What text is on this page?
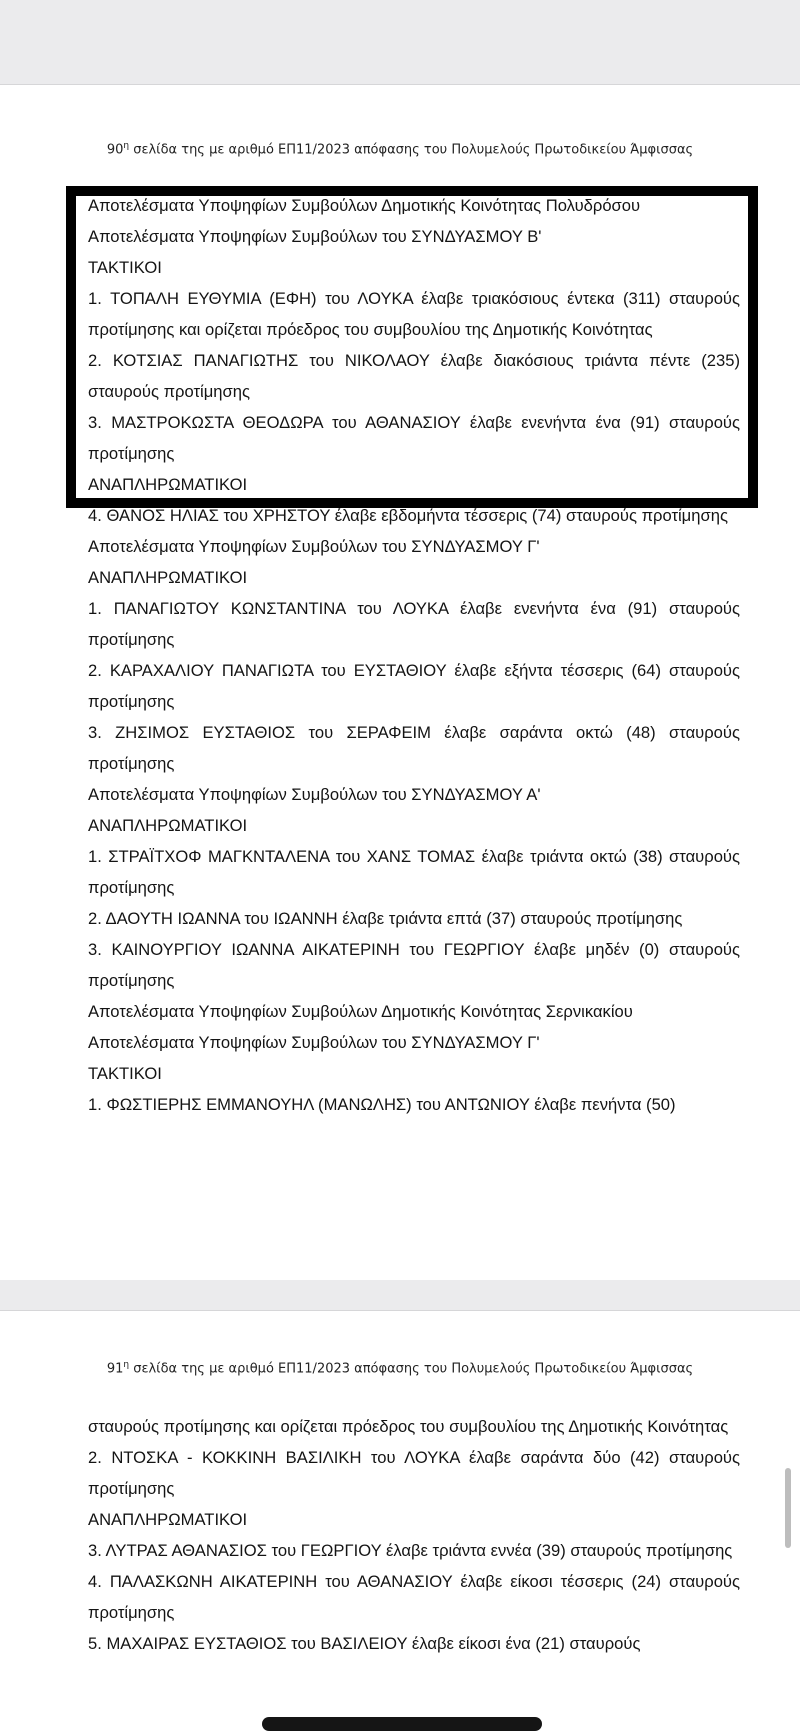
$90^\eta$ σελίδα της με αριθμό ΕΠ11/2023 απόφασης του Πολυμελούς Πρωτοδικείου Άμφισσας

Αποτελέσματα Υποψηφίων Συμβούλων Δημοτικής Κοινότητας Πολυδρόσου

Αποτελέσματα Υποψηφίων Συμβούλων του ΣΥΝΔΥΑΣΜΟΥ Β'

ΤΑΚΤΙΚΟΙ

1. ΤΟΠΑΛΗ ΕΥΘΥΜΙΑ (ΕΦΗ) του ΛΟΥΚΑ έλαβε τριακόσιους έντεκα (311) σταυρούς προτίμησης και ορίζεται πρόεδρος του συμβουλίου της Δημοτικής Κοινότητας

2. ΚΟΤΣΙΑΣ ΠΑΝΑΓΙΩΤΗΣ του ΝΙΚΟΛΑΟΥ έλαβε διακόσιους τριάντα πέντε (235) σταυρούς προτίμησης

3. ΜΑΣΤΡΟΚΩΣΤΑ ΘΕΟΔΩΡΑ του ΑΘΑΝΑΣΙΟΥ έλαβε ενενήντα ένα (91) σταυρούς προτίμησης

ΑΝΑΠΛΗΡΩΜΑΤΙΚΟΙ

4. ΘΑΝΟΣ ΗΛΙΑΣ του ΧΡΗΣΤΟΥ έλαβε εβδομήντα τέσσερις (74) σταυρούς προτίμησης

Αποτελέσματα Υποψηφίων Συμβούλων του ΣΥΝΔΥΑΣΜΟΥ Γ'

ΑΝΑΠΛΗΡΩΜΑΤΙΚΟΙ

1. ΠΑΝΑΓΙΩΤΟΥ ΚΩΝΣΤΑΝΤΙΝΑ του ΛΟΥΚΑ έλαβε ενενήντα ένα (91) σταυρούς προτίμησης

2. ΚΑΡΑΧΑΛΙΟΥ ΠΑΝΑΓΙΩΤΑ του ΕΥΣΤΑΘΙΟΥ έλαβε εξήντα τέσσερις (64) σταυρούς προτίμησης

3. ΖΗΣΙΜΟΣ ΕΥΣΤΑΘΙΟΣ του ΣΕΡΑΦΕΙΜ έλαβε σαράντα οκτώ (48) σταυρούς προτίμησης

Αποτελέσματα Υποψηφίων Συμβούλων του ΣΥΝΔΥΑΣΜΟΥ Α'

ΑΝΑΠΛΗΡΩΜΑΤΙΚΟΙ

1. ΣΤΡΑΪΤΧΟΦ ΜΑΓΚΝΤΑΛΕΝΑ του ΧΑΝΣ ΤΟΜΑΣ έλαβε τριάντα οκτώ (38) σταυρούς προτίμησης

2. ΔΑΟΥΤΗ ΙΩΑΝΝΑ του ΙΩΑΝΝΗ έλαβε τριάντα επτά (37) σταυρούς προτίμησης

3. ΚΑΙΝΟΥΡΓΙΟΥ ΙΩΑΝΝΑ ΑΙΚΑΤΕΡΙΝΗ του ΓΕΩΡΓΙΟΥ έλαβε μηδέν (0) σταυρούς προτίμησης

Αποτελέσματα Υποψηφίων Συμβούλων Δημοτικής Κοινότητας Σερνικακίου

Αποτελέσματα Υποψηφίων Συμβούλων του ΣΥΝΔΥΑΣΜΟΥ Γ'

ΤΑΚΤΙΚΟΙ

1. ΦΩΣΤΙΕΡΗΣ ΕΜΜΑΝΟΥΗΛ (ΜΑΝΩΛΗΣ) του ΑΝΤΩΝΙΟΥ έλαβε πενήντα (50)

$91^\eta$ σελίδα της με αριθμό ΕΠ11/2023 απόφασης του Πολυμελούς Πρωτοδικείου Άμφισσας

σταυρούς προτίμησης και ορίζεται πρόεδρος του συμβουλίου της Δημοτικής Κοινότητας

2. ΝΤΟΣΚΑ - ΚΟΚΚΙΝΗ ΒΑΣΙΛΙΚΗ του ΛΟΥΚΑ έλαβε σαράντα δύο (42) σταυρούς προτίμησης

ΑΝΑΠΛΗΡΩΜΑΤΙΚΟΙ

3. ΛΥΤΡΑΣ ΑΘΑΝΑΣΙΟΣ του ΓΕΩΡΓΙΟΥ έλαβε τριάντα εννέα (39) σταυρούς προτίμησης

4. ΠΑΛΑΣΚΩΝΗ ΑΙΚΑΤΕΡΙΝΗ του ΑΘΑΝΑΣΙΟΥ έλαβε είκοσι τέσσερις (24) σταυρούς προτίμησης

5. ΜΑΧΑΙΡΑΣ ΕΥΣΤΑΘΙΟΣ του ΒΑΣΙΛΕΙΟΥ έλαβε είκοσι ένα (21) σταυρούς
